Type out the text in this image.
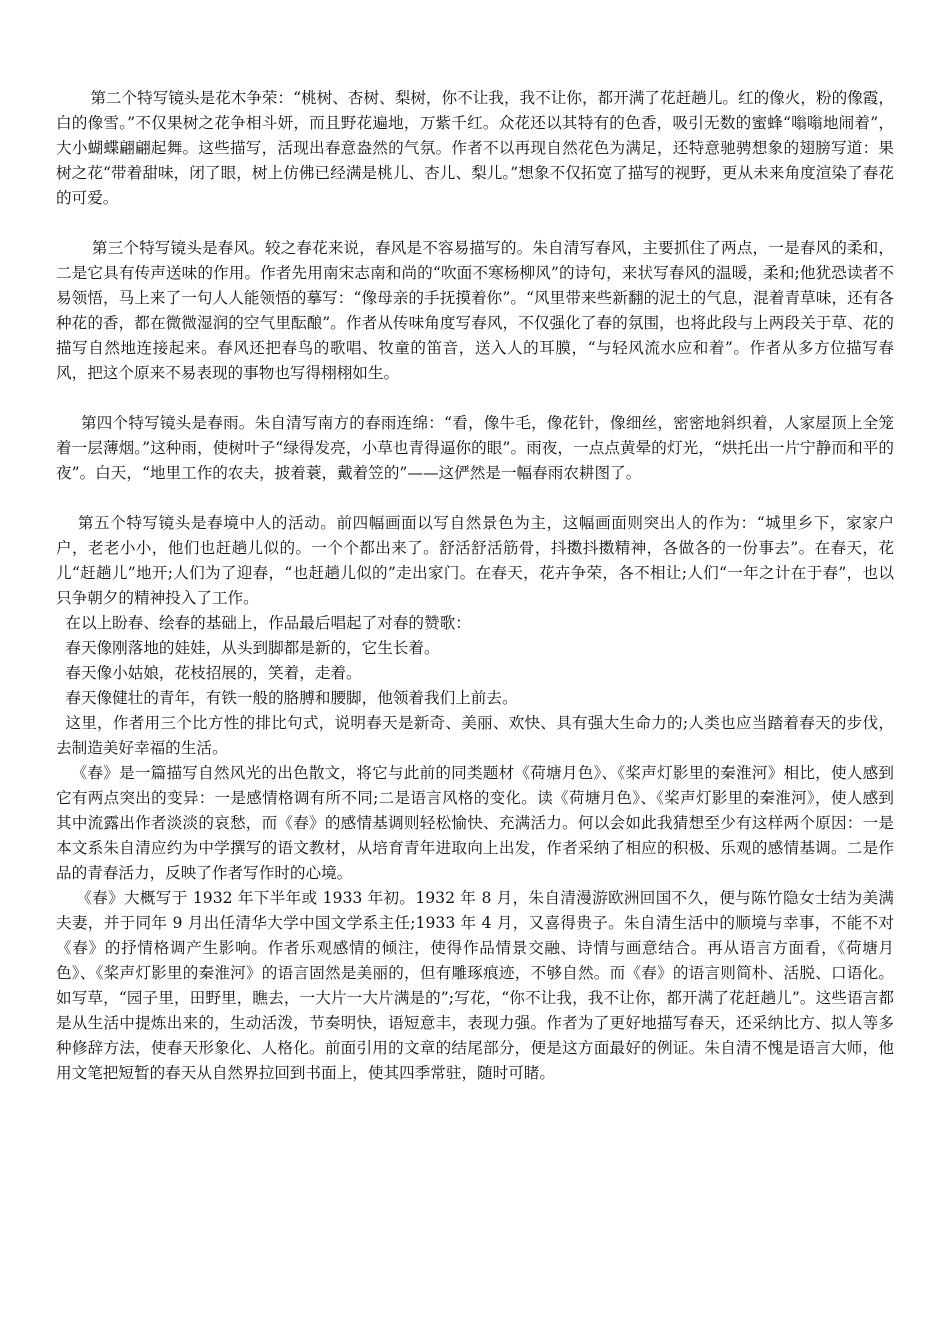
第二个特写镜头是花木争荣：“桃树、杏树、梨树，你不让我，我不让你，都开满了花赶趟儿。红的像火，粉的像霞，白的像雪。”不仅果树之花争相斗妍，而且野花遍地，万紫千红。众花还以其特有的色香，吸引无数的蜜蜂“嗡嗡地闹着”，大小蝴蝶翩翩起舞。这些描写，活现出春意盎然的气氛。作者不以再现自然花色为满足，还特意驰骋想象的翅膀写道：果树之花“带着甜味，闭了眼，树上仿佛已经满是桃儿、杏儿、梨儿。”想象不仅拓宽了描写的视野，更从未来角度渲染了春花的可爱。

第三个特写镜头是春风。较之春花来说，春风是不容易描写的。朱自清写春风，主要抓住了两点，一是春风的柔和，二是它具有传声送味的作用。作者先用南宋志南和尚的“吹面不寒杨柳风”的诗句，来状写春风的温暖，柔和;他犹恐读者不易领悟，马上来了一句人人能领悟的摹写：“像母亲的手抚摸着你”。“风里带来些新翻的泥土的气息，混着青草味，还有各种花的香，都在微微湿润的空气里酝酿”。作者从传味角度写春风，不仅强化了春的氛围，也将此段与上两段关于草、花的描写自然地连接起来。春风还把春鸟的歌唱、牧童的笛音，送入人的耳膜，“与轻风流水应和着”。作者从多方位描写春风，把这个原来不易表现的事物也写得栩栩如生。

第四个特写镜头是春雨。朱自清写南方的春雨连绵：“看，像牛毛，像花针，像细丝，密密地斜织着，人家屋顶上全笼着一层薄烟。”这种雨，使树叶子“绿得发亮，小草也青得逼你的眼”。雨夜，一点点黄晕的灯光，“烘托出一片宁静而和平的夜”。白天，“地里工作的农夫，披着蓑，戴着笠的”——这俨然是一幅春雨农耕图了。

第五个特写镜头是春境中人的活动。前四幅画面以写自然景色为主，这幅画面则突出人的作为：“城里乡下，家家户户，老老小小，他们也赶趟儿似的。一个个都出来了。舒活舒活筋骨，抖擞抖擞精神，各做各的一份事去”。在春天，花儿“赶趟儿”地开;人们为了迎春，“也赶趟儿似的”走出家门。在春天，花卉争荣，各不相让;人们“一年之计在于春”，也以只争朝夕的精神投入了工作。

在以上盼春、绘春的基础上，作品最后唱起了对春的赞歌：

春天像刚落地的娃娃，从头到脚都是新的，它生长着。

春天像小姑娘，花枝招展的，笑着，走着。

春天像健壮的青年，有铁一般的胳膊和腰脚，他领着我们上前去。

这里，作者用三个比方性的排比句式，说明春天是新奇、美丽、欢快、具有强大生命力的;人类也应当踏着春天的步伐，去制造美好幸福的生活。

《春》是一篇描写自然风光的出色散文，将它与此前的同类题材《荷塘月色》、《桨声灯影里的秦淮河》相比，使人感到它有两点突出的变异：一是感情格调有所不同;二是语言风格的变化。读《荷塘月色》、《桨声灯影里的秦淮河》，使人感到其中流露出作者淡淡的哀愁，而《春》的感情基调则轻松愉快、充满活力。何以会如此我猜想至少有这样两个原因：一是本文系朱自清应约为中学撰写的语文教材，从培育青年进取向上出发，作者采纳了相应的积极、乐观的感情基调。二是作品的青春活力，反映了作者写作时的心境。

《春》大概写于 1932 年下半年或 1933 年初。1932 年 8 月，朱自清漫游欧洲回国不久，便与陈竹隐女士结为美满夫妻，并于同年 9 月出任清华大学中国文学系主任;1933 年 4 月，又喜得贵子。朱自清生活中的顺境与幸事，不能不对《春》的抒情格调产生影响。作者乐观感情的倾注，使得作品情景交融、诗情与画意结合。再从语言方面看，《荷塘月色》、《桨声灯影里的秦淮河》的语言固然是美丽的，但有雕琢痕迹，不够自然。而《春》的语言则简朴、活脱、口语化。如写草，“园子里，田野里，瞧去，一大片一大片满是的”;写花，“你不让我，我不让你，都开满了花赶趟儿”。这些语言都是从生活中提炼出来的，生动活泼，节奏明快，语短意丰，表现力强。作者为了更好地描写春天，还采纳比方、拟人等多种修辞方法，使春天形象化、人格化。前面引用的文章的结尾部分，便是这方面最好的例证。朱自清不愧是语言大师，他用文笔把短暂的春天从自然界拉回到书面上，使其四季常驻，随时可睹。
